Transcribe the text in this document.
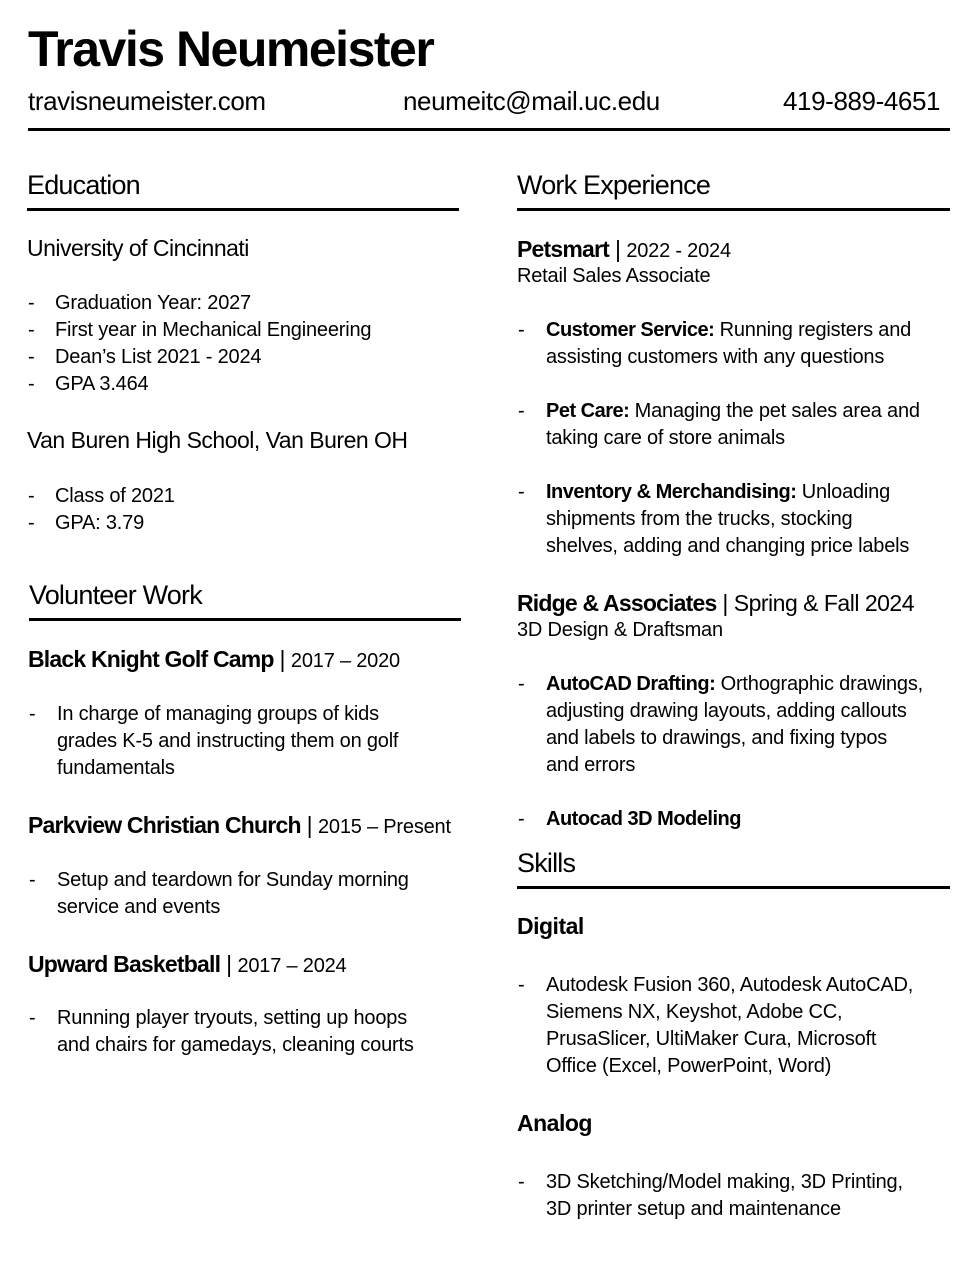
Travis Neumeister
travisneumeister.com	neumeitc@mail.uc.edu	419-889-4651
Education
University of Cincinnati
- Graduation Year: 2027
- First year in Mechanical Engineering
- Dean’s List 2021 - 2024
- GPA 3.464
Van Buren High School, Van Buren OH
- Class of 2021
- GPA: 3.79
Volunteer Work
Black Knight Golf Camp | 2017 – 2020
- In charge of managing groups of kids
grades K-5 and instructing them on golf
fundamentals
Parkview Christian Church | 2015 – Present
- Setup and teardown for Sunday morning
service and events
Upward Basketball | 2017 – 2024
- Running player tryouts, setting up hoops
and chairs for gamedays, cleaning courts
Work Experience
Petsmart | 2022 - 2024
Retail Sales Associate
- Customer Service: Running registers and
assisting customers with any questions
- Pet Care: Managing the pet sales area and
taking care of store animals
- Inventory & Merchandising: Unloading
shipments from the trucks, stocking
shelves, adding and changing price labels
Ridge & Associates | Spring & Fall 2024
3D Design & Draftsman
- AutoCAD Drafting: Orthographic drawings,
adjusting drawing layouts, adding callouts
and labels to drawings, and fixing typos
and errors
- Autocad 3D Modeling
Skills
Digital
- Autodesk Fusion 360, Autodesk AutoCAD,
Siemens NX, Keyshot, Adobe CC,
PrusaSlicer, UltiMaker Cura, Microsoft
Office (Excel, PowerPoint, Word)
Analog
- 3D Sketching/Model making, 3D Printing,
3D printer setup and maintenance
